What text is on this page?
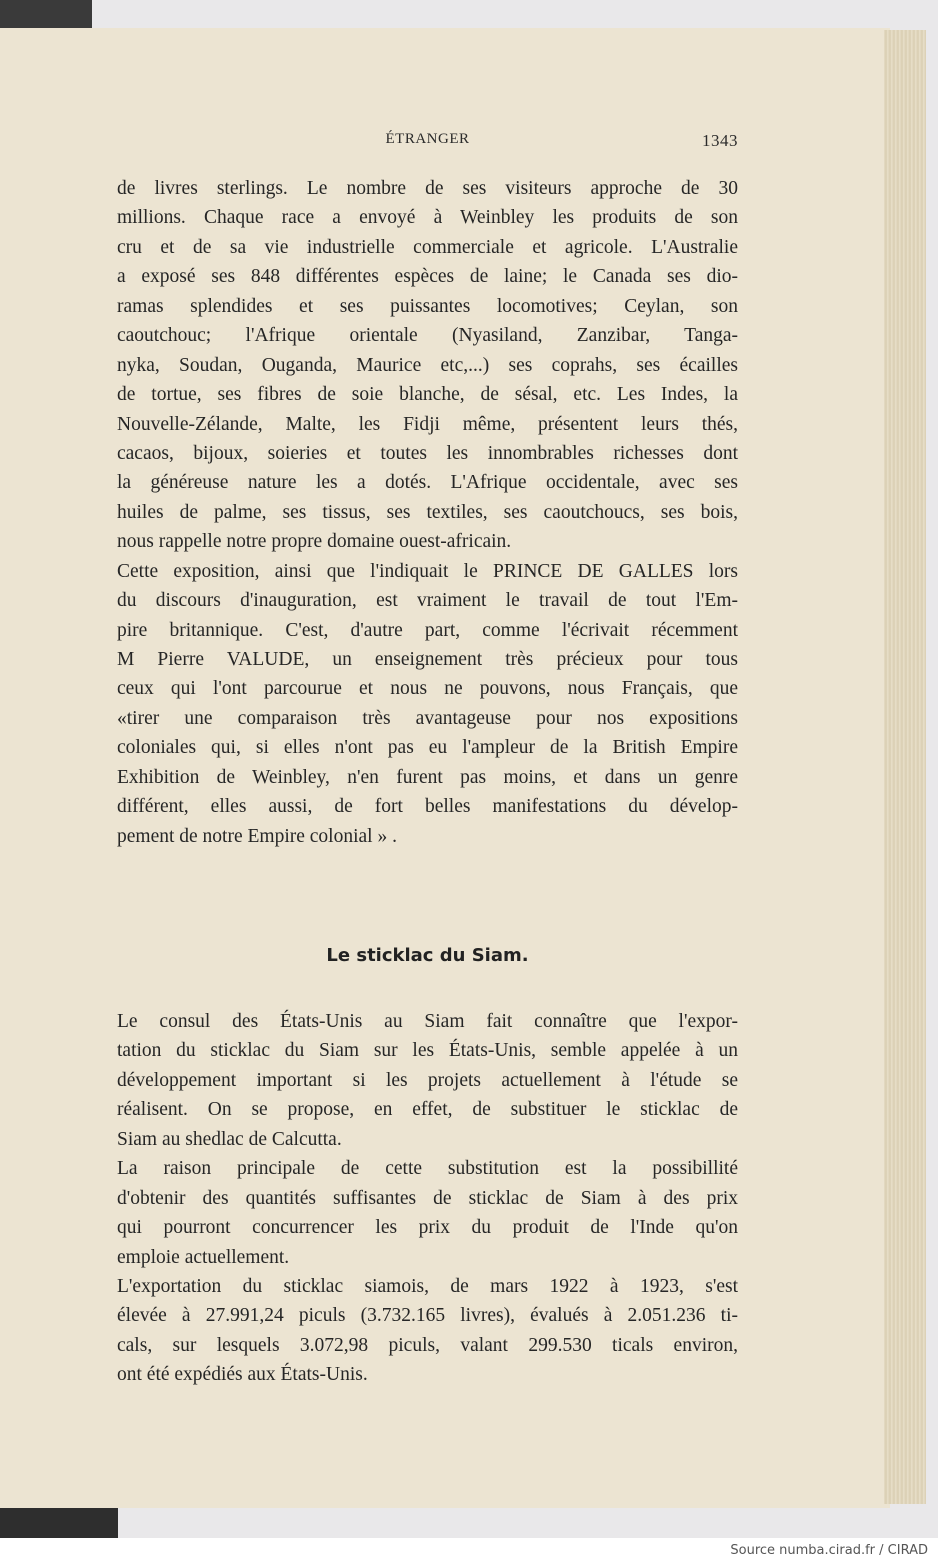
ÉTRANGER	1343
de livres sterlings. Le nombre de ses visiteurs approche de 30
millions. Chaque race a envoyé à Weinbley les produits de son
cru et de sa vie industrielle commerciale et agricole. L'Australie
a exposé ses 848 différentes espèces de laine; le Canada ses dio-
ramas splendides et ses puissantes locomotives; Ceylan, son
caoutchouc; l'Afrique orientale (Nyasiland, Zanzibar, Tanga-
nyka, Soudan, Ouganda, Maurice etc,...) ses coprahs, ses écailles
de tortue, ses fibres de soie blanche, de sésal, etc. Les Indes, la
Nouvelle-Zélande, Malte, les Fidji même, présentent leurs thés,
cacaos, bijoux, soieries et toutes les innombrables richesses dont
la généreuse nature les a dotés. L'Afrique occidentale, avec ses
huiles de palme, ses tissus, ses textiles, ses caoutchoucs, ses bois,
nous rappelle notre propre domaine ouest-africain.
Cette exposition, ainsi que l'indiquait le PRINCE DE GALLES lors
du discours d'inauguration, est vraiment le travail de tout l'Em-
pire britannique. C'est, d'autre part, comme l'écrivait récemment
M Pierre VALUDE, un enseignement très précieux pour tous
ceux qui l'ont parcourue et nous ne pouvons, nous Français, que
«tirer une comparaison très avantageuse pour nos expositions
coloniales qui, si elles n'ont pas eu l'ampleur de la British Empire
Exhibition de Weinbley, n'en furent pas moins, et dans un genre
différent, elles aussi, de fort belles manifestations du dévelop-
pement de notre Empire colonial » .
Le sticklac du Siam.
Le consul des États-Unis au Siam fait connaître que l'expor-
tation du sticklac du Siam sur les États-Unis, semble appelée à un
développement important si les projets actuellement à l'étude se
réalisent. On se propose, en effet, de substituer le sticklac de
Siam au shedlac de Calcutta.
La raison principale de cette substitution est la possibillité
d'obtenir des quantités suffisantes de sticklac de Siam à des prix
qui pourront concurrencer les prix du produit de l'Inde qu'on
emploie actuellement.
L'exportation du sticklac siamois, de mars 1922 à 1923, s'est
élevée à 27.991,24 piculs (3.732.165 livres), évalués à 2.051.236 ti-
cals, sur lesquels 3.072,98 piculs, valant 299.530 ticals environ,
ont été expédiés aux États-Unis.
Source numba.cirad.fr / CIRAD
